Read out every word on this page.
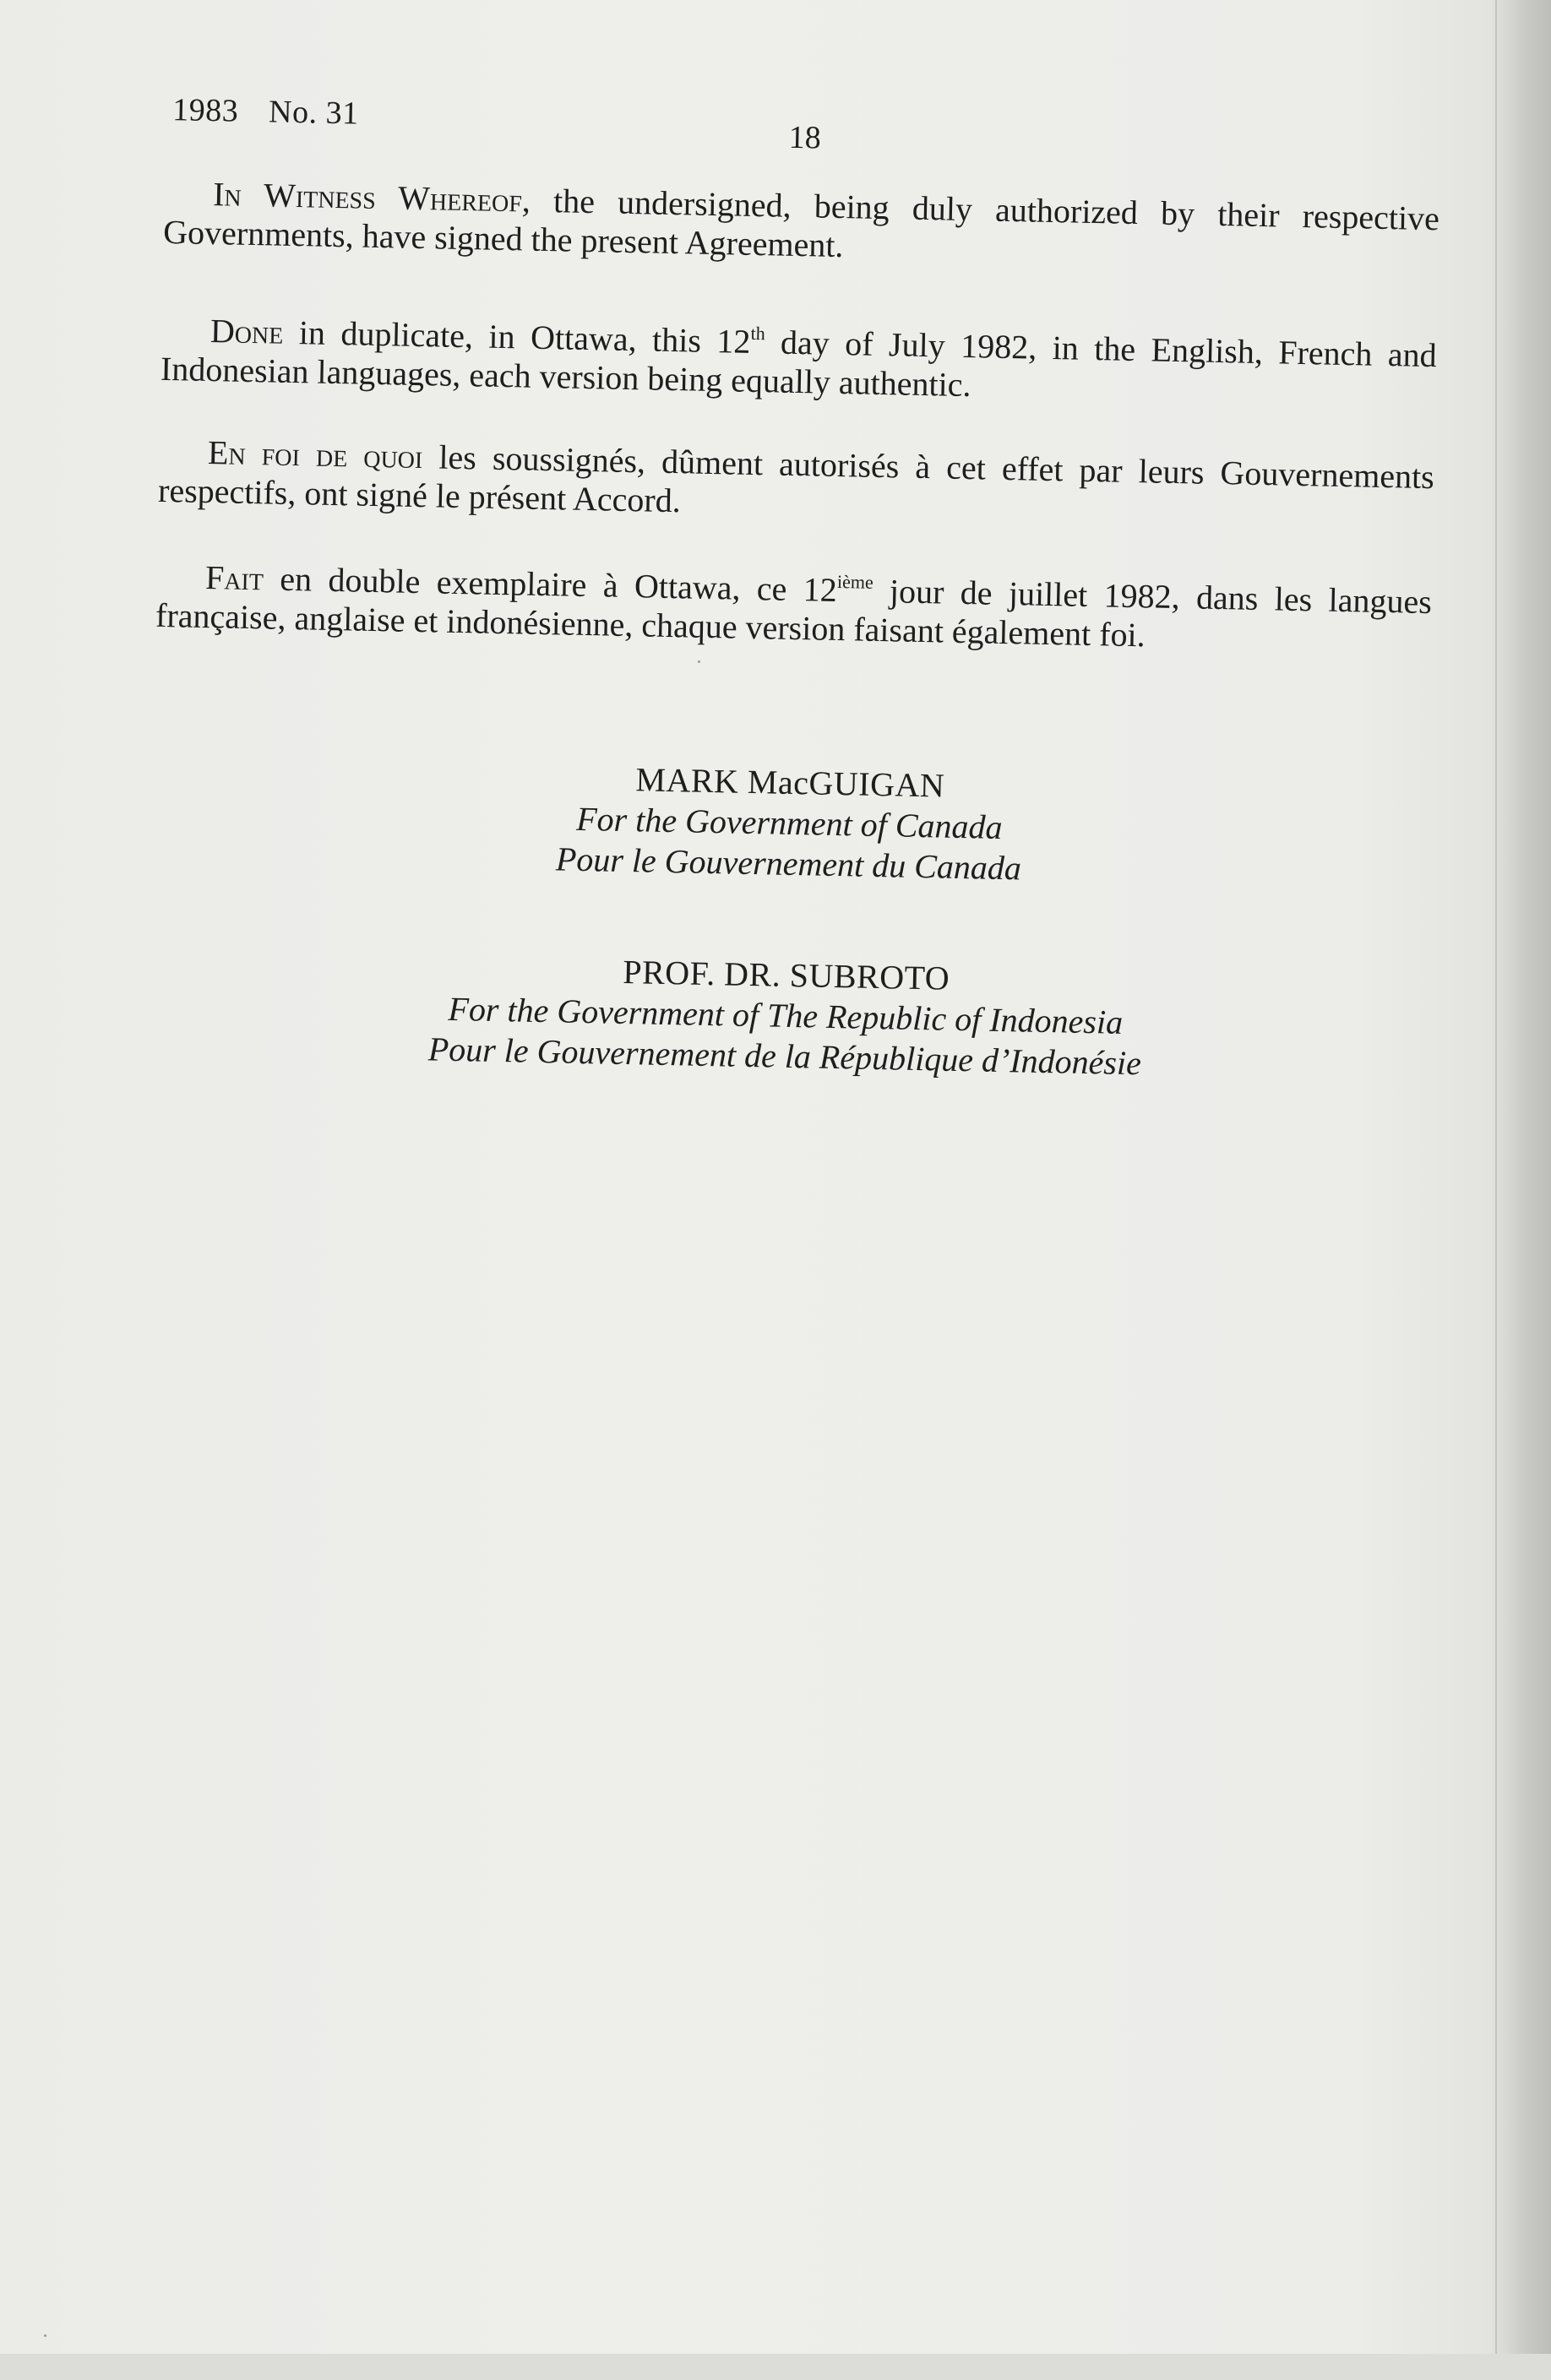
⠀
1983 No. 31
18

In Witness Whereof, the undersigned, being duly authorized by their respective Governments, have signed the present Agreement.

Done in duplicate, in Ottawa, this 12th day of July 1982, in the English, French and Indonesian languages, each version being equally authentic.

En foi de quoi les soussignés, dûment autorisés à cet effet par leurs Gouvernements respectifs, ont signé le présent Accord.

Fait en double exemplaire à Ottawa, ce 12ième jour de juillet 1982, dans les langues française, anglaise et indonésienne, chaque version faisant également foi.

MARK MacGUIGAN
For the Government of Canada
Pour le Gouvernement du Canada
PROF. DR. SUBROTO
For the Government of The Republic of Indonesia
Pour le Gouvernement de la République d’Indonésie
